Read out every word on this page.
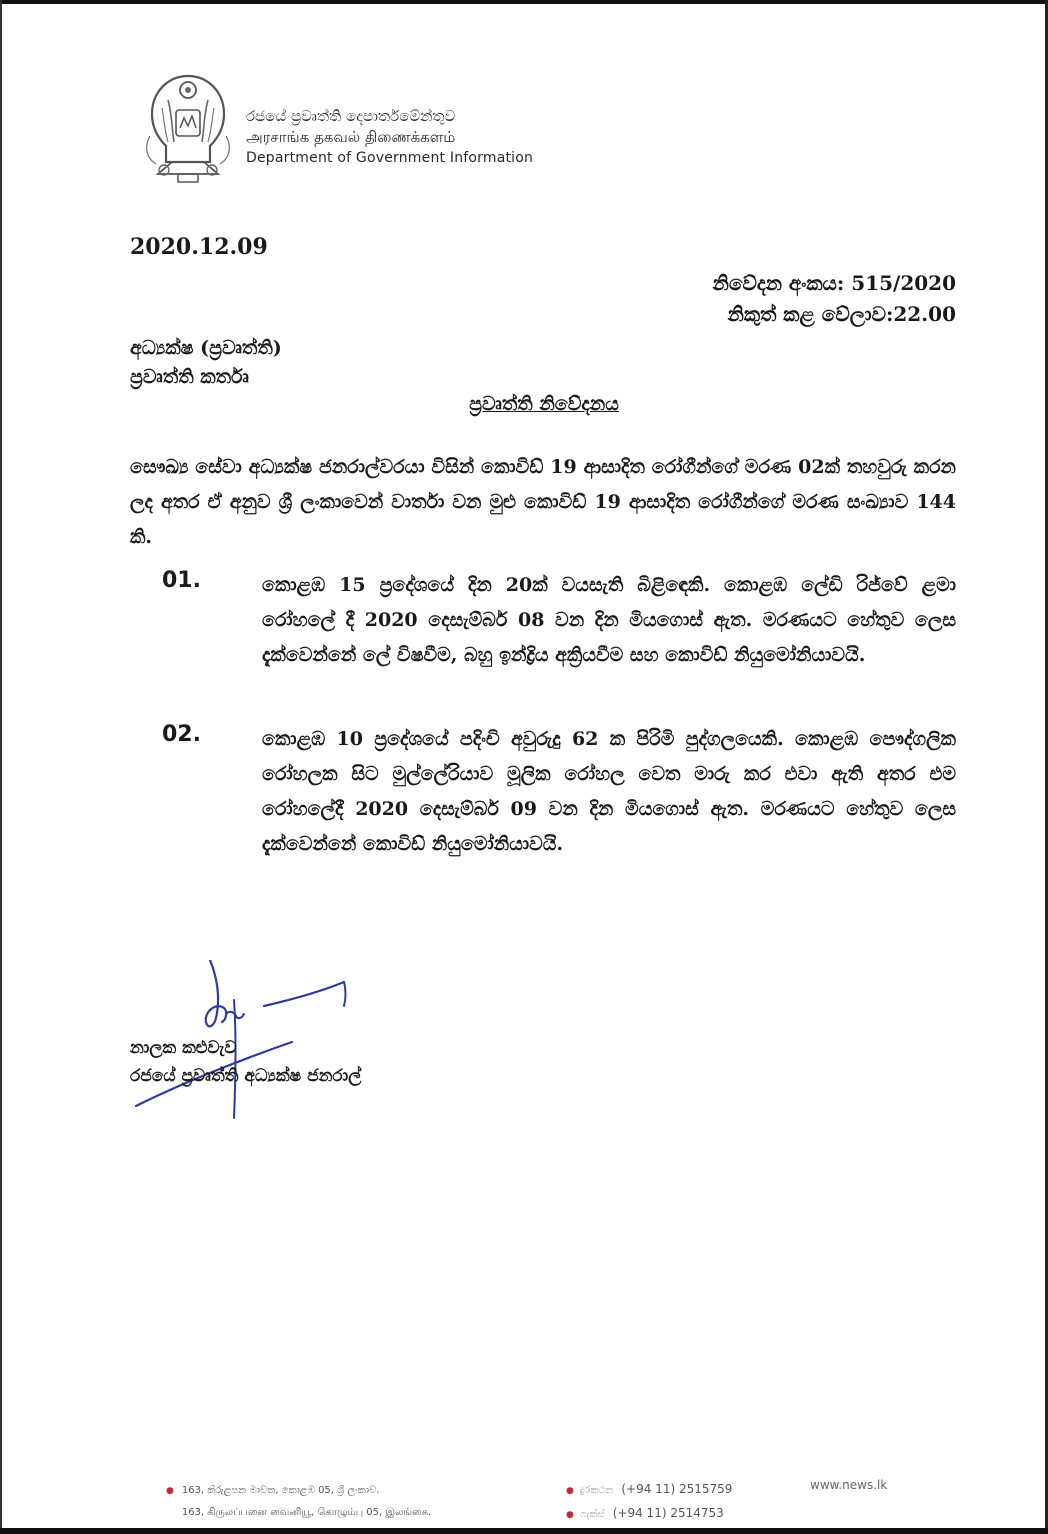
රජයේ ප්‍රවෘත්ති දෙපාර්තමේන්තුව
அரசாங்க தகவல் திணைக்களம்
Department of Government Information
2020.12.09
නිවේදන අංකය: 515/2020
නිකුත් කළ වේලාව:22.00
අධ්‍යක්ෂ (ප්‍රවෘත්ති)
ප්‍රවෘත්ති කර්තෘ
ප්‍රවෘත්ති නිවේදනය
සෞඛ්‍ය සේවා අධ්‍යක්ෂ ජනරාල්වරයා විසින් කොවිඩ් 19 ආසාදිත රෝගීන්ගේ මරණ 02ක් තහවුරු කරන ලද අතර ඒ අනුව ශ්‍රී ලංකාවෙන් වාර්තා වන මුළු කොවිඩ් 19 ආසාදිත රෝගීන්ගේ මරණ සංඛ්‍යාව 144 කි.
01.	කොළඹ 15 ප්‍රදේශයේ දින 20ක් වයසැති බිළිඳෙකි. කොළඹ ලේඩි රිජ්වේ ළමා රෝහලේ දී 2020 දෙසැම්බර් 08 වන දින මියගොස් ඇත. මරණයට හේතුව ලෙස දැක්වෙන්නේ ලේ විෂවීම, බහු ඉන්ද්‍රිය අක්‍රියවීම සහ කොවිඩ් නියුමෝනියාවයි.
02.	කොළඹ 10 ප්‍රදේශයේ පදිංචි අවුරුදු 62 ක පිරිමි පුද්ගලයෙකි. කොළඹ පෞද්ගලික රෝහලක සිට මුල්ලේරියාව මූලික රෝහල වෙත මාරු කර එවා ඇති අතර එම රෝහලේදී 2020 දෙසැම්බර් 09 වන දින මියගොස් ඇත. මරණයට හේතුව ලෙස දැක්වෙන්නේ කොවිඩ් නියුමෝනියාවයි.
නාලක කළුවැව
රජයේ ප්‍රවෘත්ති අධ්‍යක්ෂ ජනරාල්
● 163, කිරුළපන මාවත, කොළඹ 05, ශ්‍රී ලංකාව.
163, கிருலப்பனை வைனியூ, கொழும்பு 05, இலங்கை.
● දුරකථන (+94 11) 2515759
● ෆැක්ස් (+94 11) 2514753
www.news.lk
